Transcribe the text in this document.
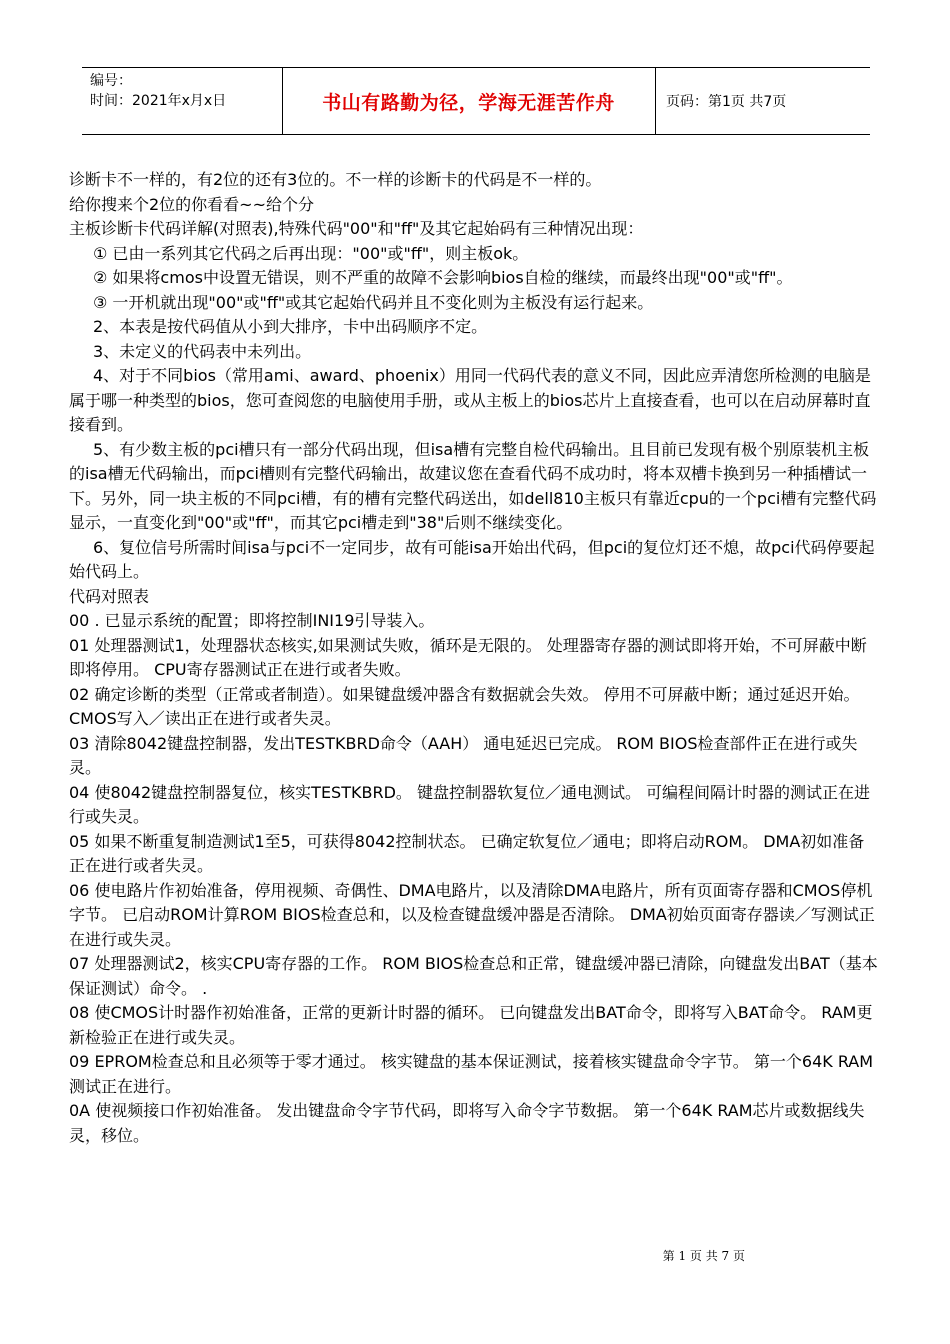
编号：
时间：2021年x月x日	书山有路勤为径，学海无涯苦作舟	页码：第1页 共7页

诊断卡不一样的，有2位的还有3位的。不一样的诊断卡的代码是不一样的。

给你搜来个2位的你看看~~给个分

主板诊断卡代码详解(对照表),特殊代码"00"和"ff"及其它起始码有三种情况出现：

① 已由一系列其它代码之后再出现："00"或"ff"，则主板ok。

② 如果将cmos中设置无错误，则不严重的故障不会影响bios自检的继续，而最终出现"00"或"ff"。

③ 一开机就出现"00"或"ff"或其它起始代码并且不变化则为主板没有运行起来。

2、本表是按代码值从小到大排序，卡中出码顺序不定。

3、未定义的代码表中未列出。

4、对于不同bios（常用ami、award、phoenix）用同一代码代表的意义不同，因此应弄清您所检测的电脑是属于哪一种类型的bios，您可查阅您的电脑使用手册，或从主板上的bios芯片上直接查看，也可以在启动屏幕时直接看到。

5、有少数主板的pci槽只有一部分代码出现，但isa槽有完整自检代码输出。且目前已发现有极个别原装机主板的isa槽无代码输出，而pci槽则有完整代码输出，故建议您在查看代码不成功时，将本双槽卡换到另一种插槽试一下。另外，同一块主板的不同pci槽，有的槽有完整代码送出，如dell810主板只有靠近cpu的一个pci槽有完整代码显示，一直变化到"00"或"ff"，而其它pci槽走到"38"后则不继续变化。

6、复位信号所需时间isa与pci不一定同步，故有可能isa开始出代码，但pci的复位灯还不熄，故pci代码停要起始代码上。

代码对照表

00 . 已显示系统的配置；即将控制INI19引导装入。

01 处理器测试1，处理器状态核实,如果测试失败，循环是无限的。 处理器寄存器的测试即将开始，不可屏蔽中断即将停用。 CPU寄存器测试正在进行或者失败。

02 确定诊断的类型（正常或者制造）。如果键盘缓冲器含有数据就会失效。 停用不可屏蔽中断；通过延迟开始。 CMOS写入／读出正在进行或者失灵。

03 清除8042键盘控制器，发出TESTKBRD命令（AAH） 通电延迟已完成。 ROM BIOS检查部件正在进行或失灵。

04 使8042键盘控制器复位，核实TESTKBRD。 键盘控制器软复位／通电测试。 可编程间隔计时器的测试正在进行或失灵。

05 如果不断重复制造测试1至5，可获得8042控制状态。 已确定软复位／通电；即将启动ROM。 DMA初如准备正在进行或者失灵。

06 使电路片作初始准备，停用视频、奇偶性、DMA电路片，以及清除DMA电路片，所有页面寄存器和CMOS停机字节。 已启动ROM计算ROM BIOS检查总和，以及检查键盘缓冲器是否清除。 DMA初始页面寄存器读／写测试正在进行或失灵。

07 处理器测试2，核实CPU寄存器的工作。 ROM BIOS检查总和正常，键盘缓冲器已清除，向键盘发出BAT（基本保证测试）命令。 .

08 使CMOS计时器作初始准备，正常的更新计时器的循环。 已向键盘发出BAT命令，即将写入BAT命令。 RAM更新检验正在进行或失灵。

09 EPROM检查总和且必须等于零才通过。 核实键盘的基本保证测试，接着核实键盘命令字节。 第一个64K RAM测试正在进行。

0A 使视频接口作初始准备。 发出键盘命令字节代码，即将写入命令字节数据。 第一个64K RAM芯片或数据线失灵，移位。

第 1 页 共 7 页
